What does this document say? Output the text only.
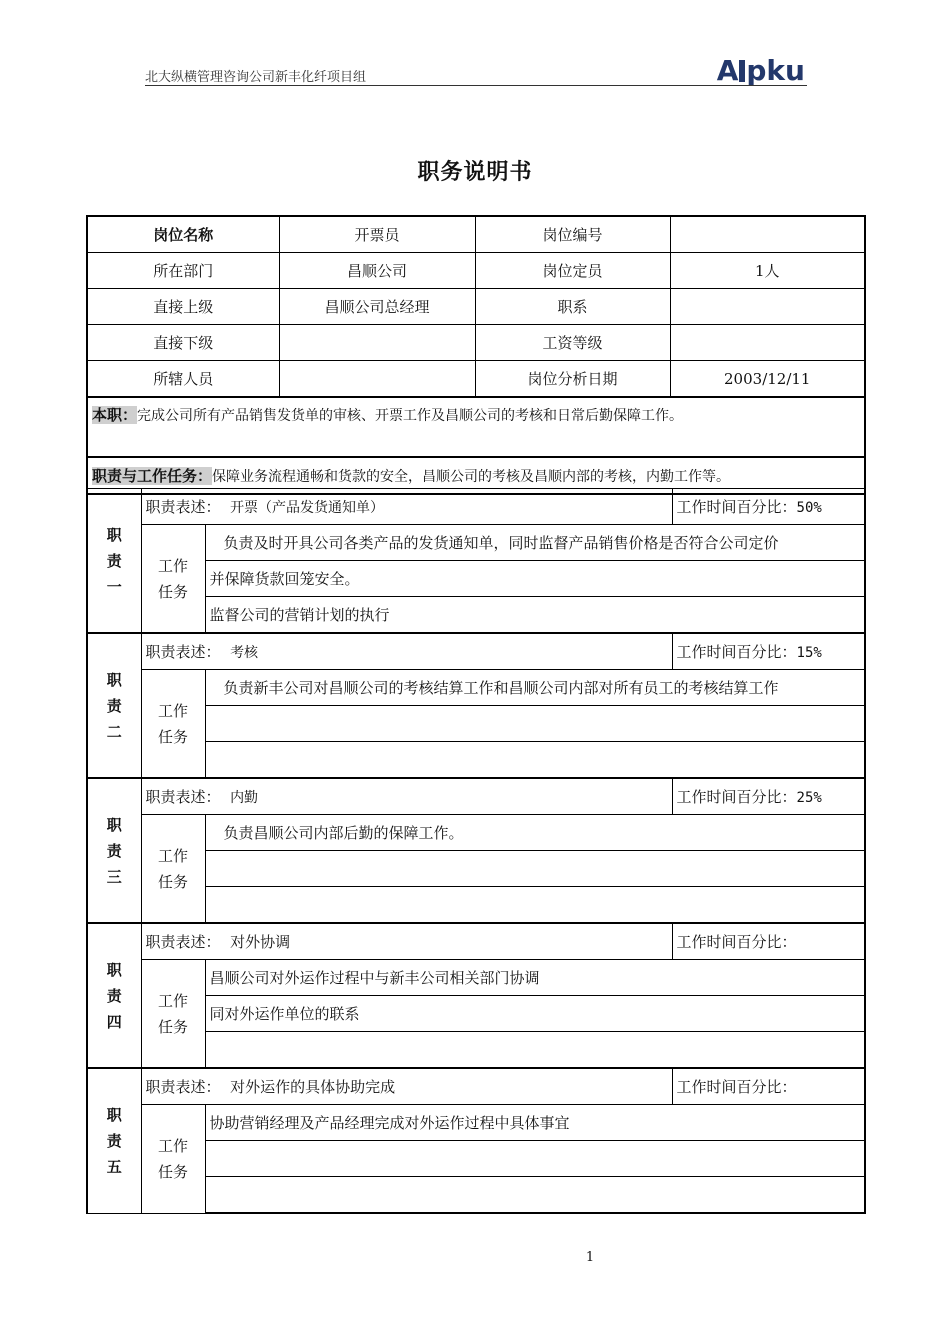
北大纵横管理咨询公司新丰化纤项目组	A pku
职务说明书
岗位名称	开票员	岗位编号	
所在部门	昌顺公司	岗位定员	1人
直接上级	昌顺公司总经理	职系	
直接下级		工资等级	
所辖人员		岗位分析日期	2003/12/11
本职：完成公司所有产品销售发货单的审核、开票工作及昌顺公司的考核和日常后勤保障工作。			
职责与工作任务：保障业务流程通畅和货款的安全，昌顺公司的考核及昌顺内部的考核，内勤工作等。			
职
责
一	职责表述： 开票（产品发货通知单）		工作时间百分比：50%
	工作
任务	负责及时开具公司各类产品的发货通知单，同时监督产品销售价格是否符合公司定价	
		并保障货款回笼安全。	
		监督公司的营销计划的执行	
职
责
二	职责表述： 考核		工作时间百分比：15%
	工作
任务	负责新丰公司对昌顺公司的考核结算工作和昌顺公司内部对所有员工的考核结算工作	

职
责
三	职责表述： 内勤		工作时间百分比：25%
	工作
任务	负责昌顺公司内部后勤的保障工作。	

职
责
四	职责表述： 对外协调		工作时间百分比：
	工作
任务	昌顺公司对外运作过程中与新丰公司相关部门协调	
		同对外运作单位的联系	

职
责
五	职责表述： 对外运作的具体协助完成		工作时间百分比：
	工作
任务	协助营销经理及产品经理完成对外运作过程中具体事宜	

1
